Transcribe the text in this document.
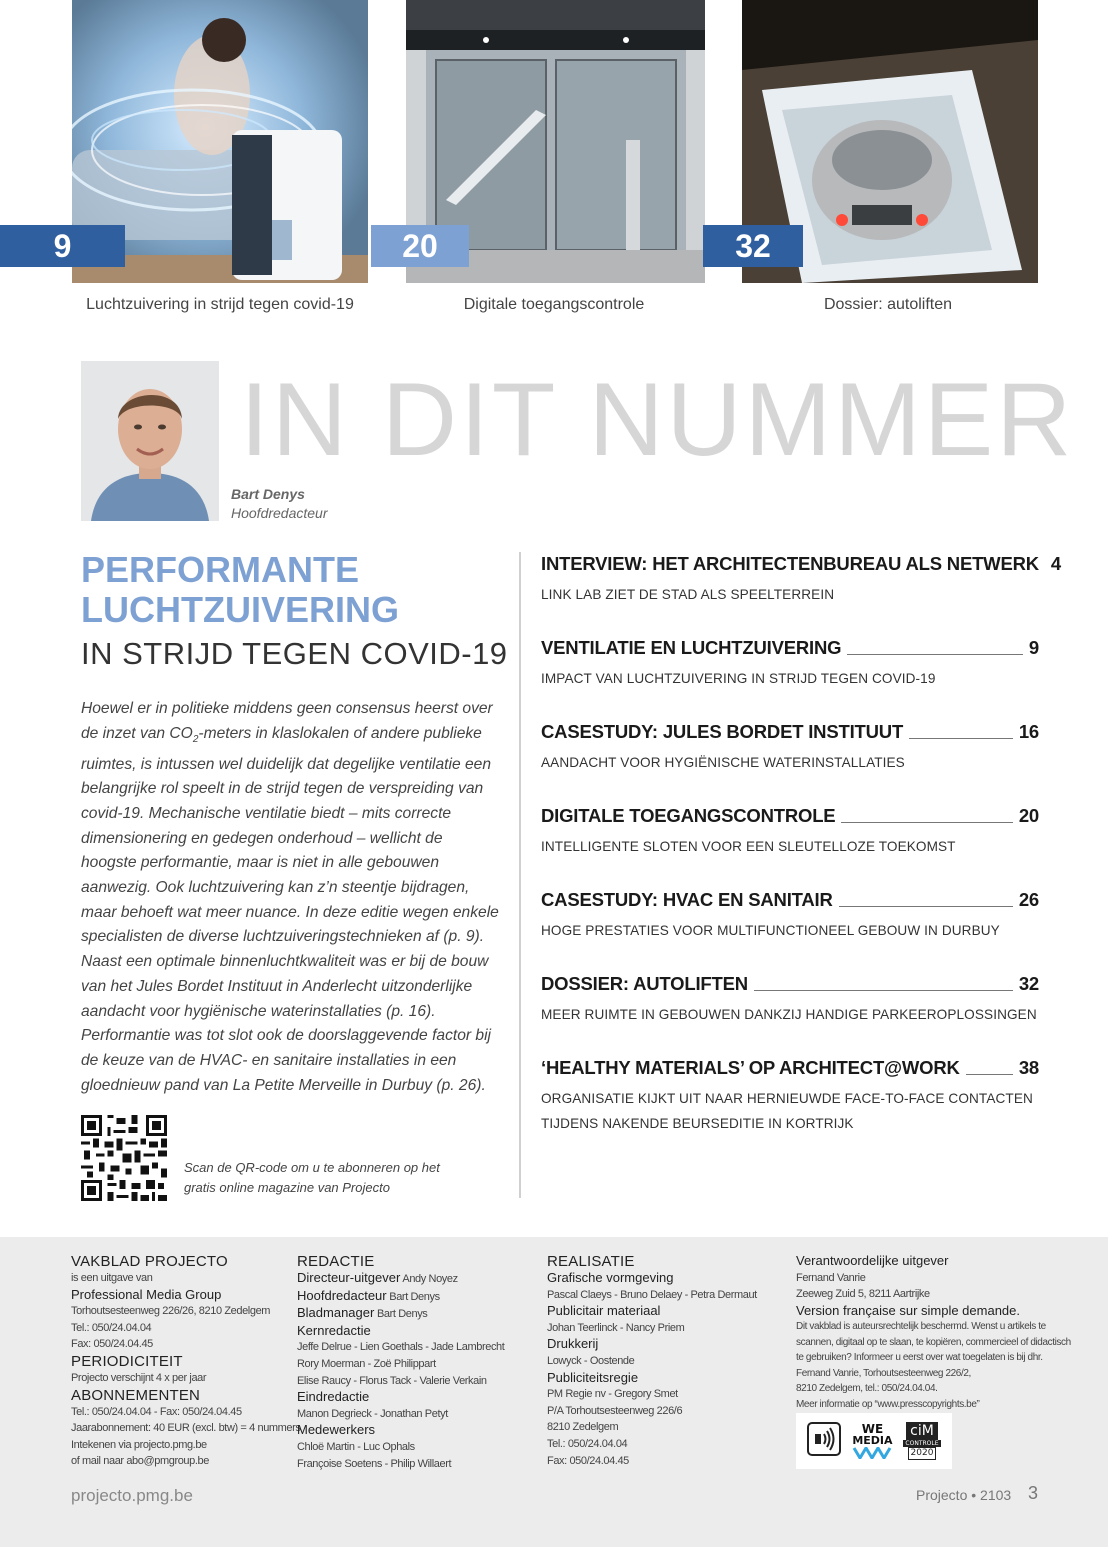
9
Luchtzuivering in strijd tegen covid-19
20
Digitale toegangscontrole
32
Dossier: autoliften
IN DIT NUMMER
Bart Denys
Hoofdredacteur
PERFORMANTE
LUCHTZUIVERING
IN STRIJD TEGEN COVID-19

Hoewel er in politieke middens geen consensus heerst over de inzet van $CO_2$-meters in klaslokalen of andere publieke ruimtes, is intussen wel duidelijk dat degelijke ventilatie een belangrijke rol speelt in de strijd tegen de verspreiding van covid-19. Mechanische ventilatie biedt – mits correcte dimensionering en gedegen onderhoud – wellicht de hoogste performantie, maar is niet in alle gebouwen aanwezig. Ook luchtzuivering kan z’n steentje bijdragen, maar behoeft wat meer nuance. In deze editie wegen enkele specialisten de diverse luchtzuiveringstechnieken af (p. 9).

Naast een optimale binnenluchtkwaliteit was er bij de bouw van het Jules Bordet Instituut in Anderlecht uitzonderlijke aandacht voor hygiënische waterinstallaties (p. 16).

Performantie was tot slot ook de doorslaggevende factor bij de keuze van de HVAC- en sanitaire installaties in een gloednieuw pand van La Petite Merveille in Durbuy (p. 26).

Scan de QR-code om u te abonneren op het gratis online magazine van Projecto
INTERVIEW: HET ARCHITECTENBUREAU ALS NETWERK 4
LINK LAB ZIET DE STAD ALS SPEELTERREIN
VENTILATIE EN LUCHTZUIVERING	9
IMPACT VAN LUCHTZUIVERING IN STRIJD TEGEN COVID-19
CASESTUDY: JULES BORDET INSTITUUT	16
AANDACHT VOOR HYGIËNISCHE WATERINSTALLATIES
DIGITALE TOEGANGSCONTROLE	20
INTELLIGENTE SLOTEN VOOR EEN SLEUTELLOZE TOEKOMST
CASESTUDY: HVAC EN SANITAIR	26
HOGE PRESTATIES VOOR MULTIFUNCTIONEEL GEBOUW IN DURBUY
DOSSIER: AUTOLIFTEN	32
MEER RUIMTE IN GEBOUWEN DANKZIJ HANDIGE PARKEEROPLOSSINGEN
‘HEALTHY MATERIALS’ OP ARCHITECT@WORK	38
ORGANISATIE KIJKT UIT NAAR HERNIEUWDE FACE-TO-FACE CONTACTEN
TIJDENS NAKENDE BEURSEDITIE IN KORTRIJK
VAKBLAD PROJECTO
is een uitgave van
Professional Media Group
Torhoutsesteenweg 226/26, 8210 Zedelgem
Tel.: 050/24.04.04
Fax: 050/24.04.45
PERIODICITEIT
Projecto verschijnt 4 x per jaar
ABONNEMENTEN
Tel.: 050/24.04.04 - Fax: 050/24.04.45
Jaarabonnement: 40 EUR (excl. btw) = 4 nummers
Intekenen via projecto.pmg.be
of mail naar abo@pmgroup.be
REDACTIE
Directeur-uitgever Andy Noyez
Hoofdredacteur Bart Denys
Bladmanager Bart Denys
Kernredactie
Jeffe Delrue - Lien Goethals - Jade Lambrecht
Rory Moerman - Zoë Philippart
Elise Raucy - Florus Tack - Valerie Verkain
Eindredactie
Manon Degrieck - Jonathan Petyt
Medewerkers
Chloë Martin - Luc Ophals
Françoise Soetens - Philip Willaert
REALISATIE
Grafische vormgeving
Pascal Claeys - Bruno Delaey - Petra Dermaut
Publicitair materiaal
Johan Teerlinck - Nancy Priem
Drukkerij
Lowyck - Oostende
Publiciteitsregie
PM Regie nv - Gregory Smet
P/A Torhoutsesteenweg 226/6
8210 Zedelgem
Tel.: 050/24.04.04
Fax: 050/24.04.45
Verantwoordelijke uitgever
Fernand Vanrie
Zeeweg Zuid 5, 8211 Aartrijke
Version française sur simple demande.
Dit vakblad is auteursrechtelijk beschermd. Wenst u artikels te
scannen, digitaal op te slaan, te kopiëren, commercieel of didactisch
te gebruiken? Informeer u eerst over wat toegelaten is bij dhr.
Fernand Vanrie, Torhoutsesteenweg 226/2,
8210 Zedelgem, tel.: 050/24.04.04.
Meer informatie op “www.presscopyrights.be”
WE
MEDIA
ciM
CONTROLE
2020
projecto.pmg.be	Projecto • 2103 3
